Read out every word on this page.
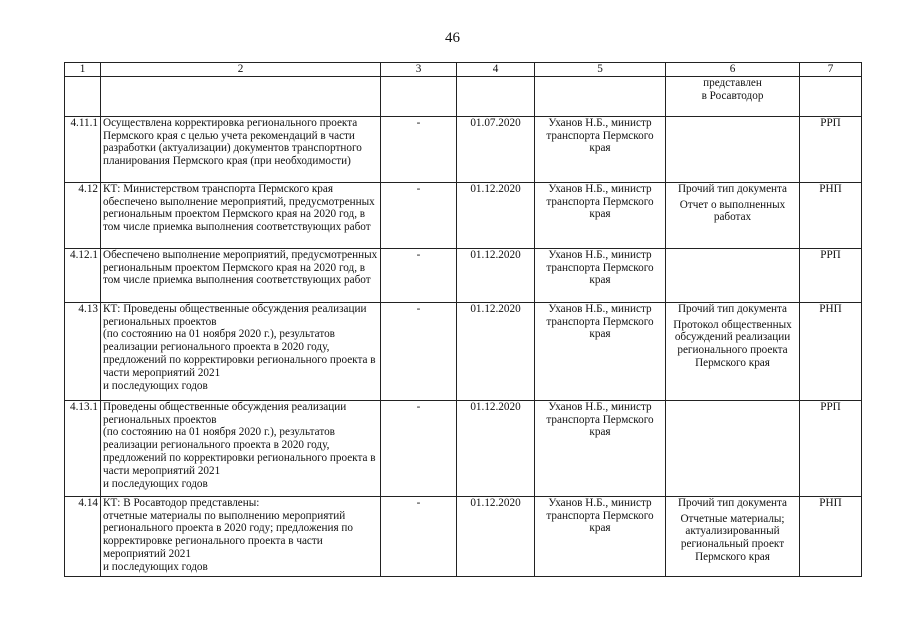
46
1	2	3	4	5	6	7
					представлен
в Росавтодор	
4.11.1	Осуществлена корректировка регионального проекта Пермского края с целью учета рекомендаций в части разработки (актуализации) документов транспортного планирования Пермского края (при необходимости)	-	01.07.2020	Уханов Н.Б., министр транспорта Пермского края		РРП
4.12	КТ: Министерством транспорта Пермского края обеспечено выполнение мероприятий, предусмотренных региональным проектом Пермского края на 2020 год, в том числе приемка выполнения соответствующих работ	-	01.12.2020	Уханов Н.Б., министр транспорта Пермского края	Прочий тип документа
Отчет о выполненных работах	РНП
4.12.1	Обеспечено выполнение мероприятий, предусмотренных региональным проектом Пермского края на 2020 год, в том числе приемка выполнения соответствующих работ	-	01.12.2020	Уханов Н.Б., министр транспорта Пермского края		РРП
4.13	КТ: Проведены общественные обсуждения реализации региональных проектов
(по состоянию на 01 ноября 2020 г.), результатов реализации регионального проекта в 2020 году, предложений по корректировки регионального проекта в части мероприятий 2021
и последующих годов	-	01.12.2020	Уханов Н.Б., министр транспорта Пермского края	Прочий тип документа
Протокол общественных обсуждений реализации регионального проекта Пермского края	РНП
4.13.1	Проведены общественные обсуждения реализации региональных проектов
(по состоянию на 01 ноября 2020 г.), результатов реализации регионального проекта в 2020 году, предложений по корректировки регионального проекта в части мероприятий 2021
и последующих годов	-	01.12.2020	Уханов Н.Б., министр транспорта Пермского края		РРП
4.14	КТ: В Росавтодор представлены:
отчетные материалы по выполнению мероприятий регионального проекта в 2020 году; предложения по корректировке регионального проекта в части мероприятий 2021
и последующих годов	-	01.12.2020	Уханов Н.Б., министр транспорта Пермского края	Прочий тип документа
Отчетные материалы; актуализированный региональный проект Пермского края	РНП
